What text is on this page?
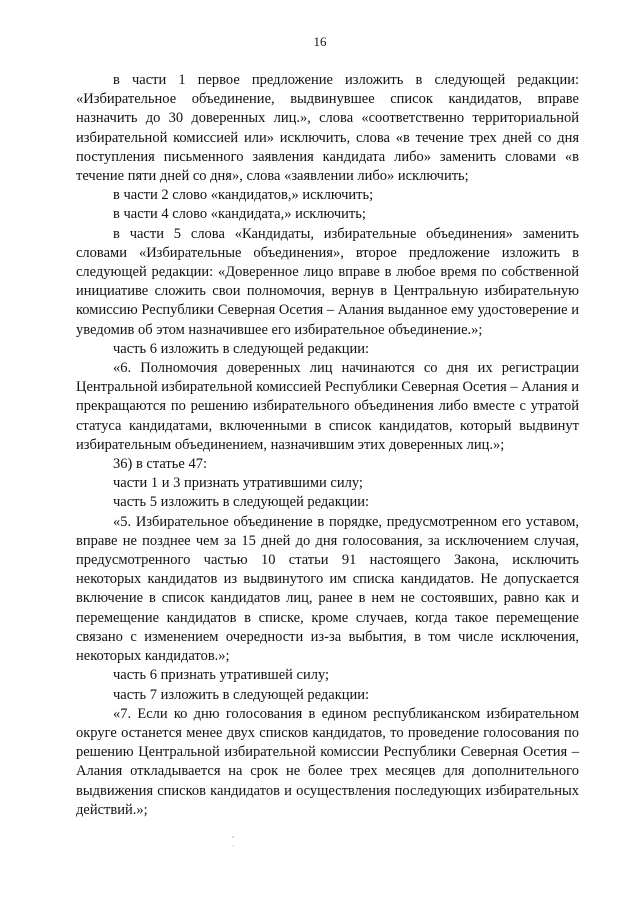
16

в части 1 первое предложение изложить в следующей редакции: «Избирательное объединение, выдвинувшее список кандидатов, вправе назначить до 30 доверенных лиц.», слова «соответственно территориальной избирательной комиссией или» исключить, слова «в течение трех дней со дня поступления письменного заявления кандидата либо» заменить словами «в течение пяти дней со дня», слова «заявлении либо» исключить;

в части 2 слово «кандидатов,» исключить;

в части 4 слово «кандидата,» исключить;

в части 5 слова «Кандидаты, избирательные объединения» заменить словами «Избирательные объединения», второе предложение изложить в следующей редакции: «Доверенное лицо вправе в любое время по собственной инициативе сложить свои полномочия, вернув в Центральную избирательную комиссию Республики Северная Осетия – Алания выданное ему удостоверение и уведомив об этом назначившее его избирательное объединение.»;

часть 6 изложить в следующей редакции:

«6. Полномочия доверенных лиц начинаются со дня их регистрации Центральной избирательной комиссией Республики Северная Осетия – Алания и прекращаются по решению избирательного объединения либо вместе с утратой статуса кандидатами, включенными в список кандидатов, который выдвинут избирательным объединением, назначившим этих доверенных лиц.»;

36) в статье 47:

части 1 и 3 признать утратившими силу;

часть 5 изложить в следующей редакции:

«5. Избирательное объединение в порядке, предусмотренном его уставом, вправе не позднее чем за 15 дней до дня голосования, за исключением случая, предусмотренного частью 10 статьи 91 настоящего Закона, исключить некоторых кандидатов из выдвинутого им списка кандидатов. Не допускается включение в список кандидатов лиц, ранее в нем не состоявших, равно как и перемещение кандидатов в списке, кроме случаев, когда такое перемещение связано с изменением очередности из-за выбытия, в том числе исключения, некоторых кандидатов.»;

часть 6 признать утратившей силу;

часть 7 изложить в следующей редакции:

«7. Если ко дню голосования в едином республиканском избирательном округе останется менее двух списков кандидатов, то проведение голосования по решению Центральной избирательной комиссии Республики Северная Осетия – Алания откладывается на срок не более трех месяцев для дополнительного выдвижения списков кандидатов и осуществления последующих избирательных действий.»;
